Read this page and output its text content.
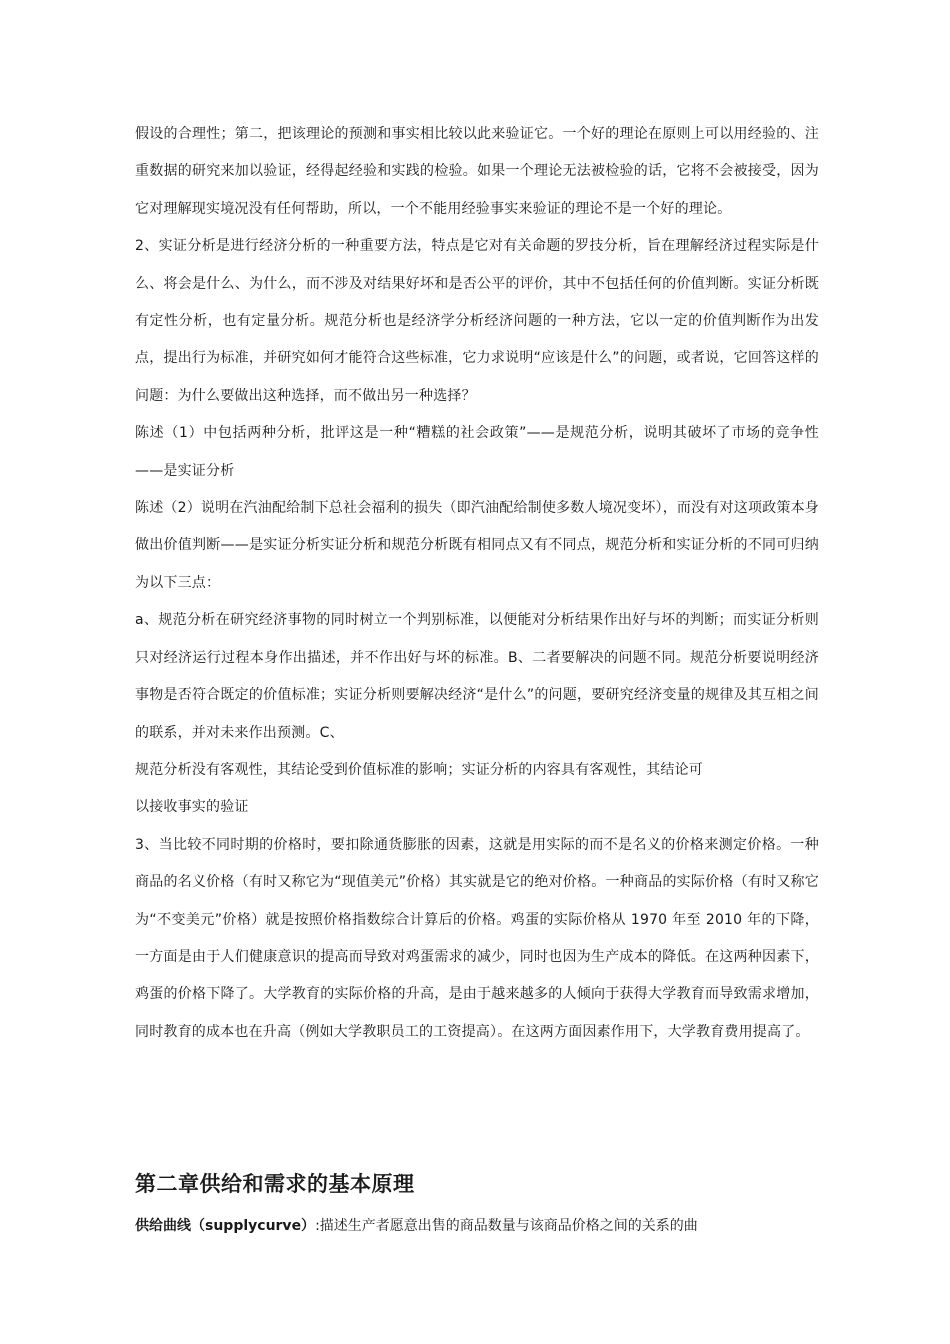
假设的合理性；第二，把该理论的预测和事实相比较以此来验证它。一个好的理论在原则上可以用经验的、注重数据的研究来加以验证，经得起经验和实践的检验。如果一个理论无法被检验的话，它将不会被接受，因为它对理解现实境况没有任何帮助，所以，一个不能用经验事实来验证的理论不是一个好的理论。

2、实证分析是进行经济分析的一种重要方法，特点是它对有关命题的罗技分析，旨在理解经济过程实际是什么、将会是什么、为什么，而不涉及对结果好坏和是否公平的评价，其中不包括任何的价值判断。实证分析既有定性分析，也有定量分析。规范分析也是经济学分析经济问题的一种方法，它以一定的价值判断作为出发点，提出行为标准，并研究如何才能符合这些标准，它力求说明“应该是什么”的问题，或者说，它回答这样的问题：为什么要做出这种选择，而不做出另一种选择？

陈述（1）中包括两种分析，批评这是一种“糟糕的社会政策”——是规范分析，说明其破坏了市场的竞争性——是实证分析

陈述（2）说明在汽油配给制下总社会福利的损失（即汽油配给制使多数人境况变坏），而没有对这项政策本身做出价值判断——是实证分析实证分析和规范分析既有相同点又有不同点，规范分析和实证分析的不同可归纳为以下三点：

a、规范分析在研究经济事物的同时树立一个判别标准，以便能对分析结果作出好与坏的判断；而实证分析则只对经济运行过程本身作出描述，并不作出好与坏的标准。B、二者要解决的问题不同。规范分析要说明经济事物是否符合既定的价值标准；实证分析则要解决经济“是什么”的问题，要研究经济变量的规律及其互相之间的联系，并对未来作出预测。C、

规范分析没有客观性，其结论受到价值标准的影响；实证分析的内容具有客观性，其结论可

以接收事实的验证

3、当比较不同时期的价格时，要扣除通货膨胀的因素，这就是用实际的而不是名义的价格来测定价格。一种商品的名义价格（有时又称它为“现值美元”价格）其实就是它的绝对价格。一种商品的实际价格（有时又称它为“不变美元”价格）就是按照价格指数综合计算后的价格。鸡蛋的实际价格从 1970 年至 2010 年的下降，一方面是由于人们健康意识的提高而导致对鸡蛋需求的减少，同时也因为生产成本的降低。在这两种因素下，鸡蛋的价格下降了。大学教育的实际价格的升高，是由于越来越多的人倾向于获得大学教育而导致需求增加，同时教育的成本也在升高（例如大学教职员工的工资提高）。在这两方面因素作用下，大学教育费用提高了。

第二章供给和需求的基本原理

供给曲线（supplycurve）:描述生产者愿意出售的商品数量与该商品价格之间的关系的曲
